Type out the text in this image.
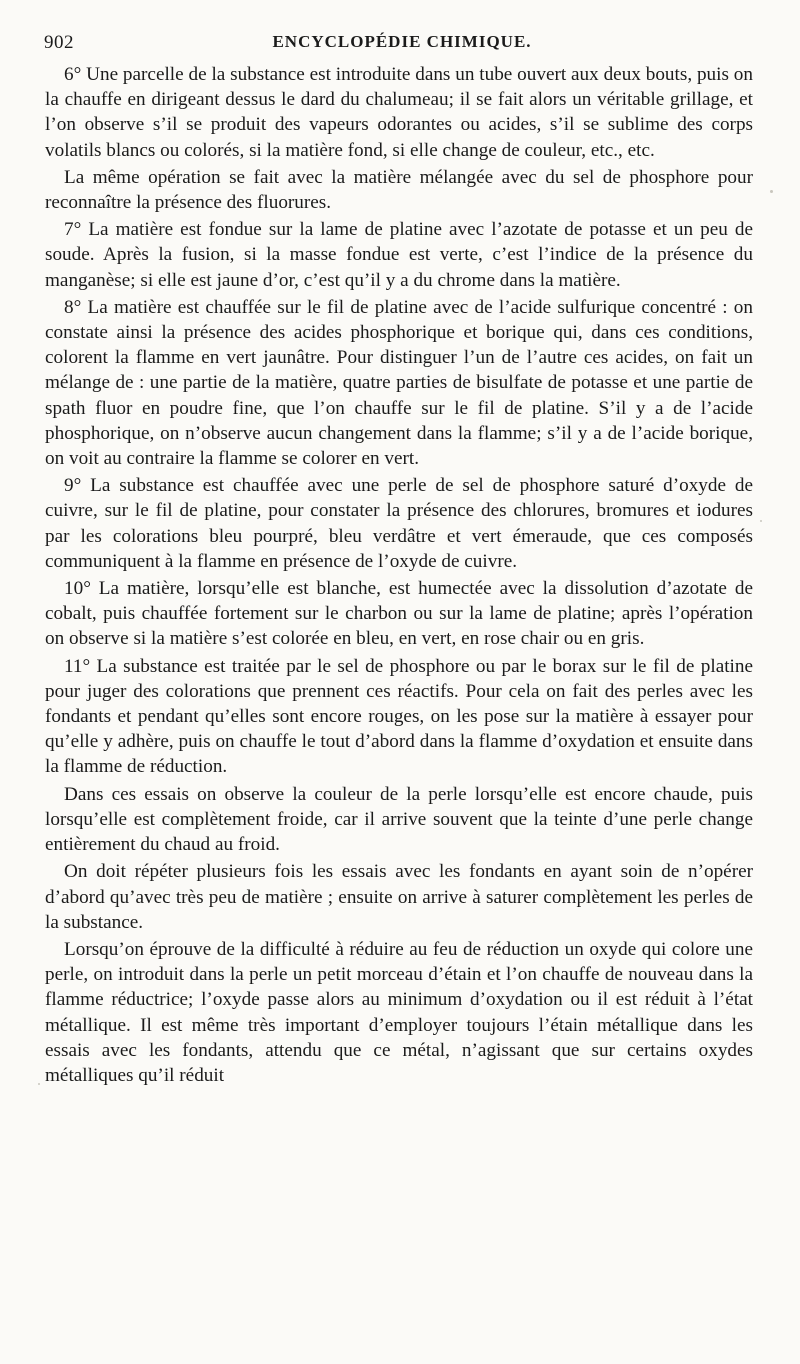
902	ENCYCLOPÉDIE CHIMIQUE.

6° Une parcelle de la substance est introduite dans un tube ouvert aux deux bouts, puis on la chauffe en dirigeant dessus le dard du chalumeau; il se fait alors un véritable grillage, et l’on observe s’il se produit des vapeurs odorantes ou acides, s’il se sublime des corps volatils blancs ou colorés, si la matière fond, si elle change de couleur, etc., etc.

La même opération se fait avec la matière mélangée avec du sel de phosphore pour reconnaître la présence des fluorures.

7° La matière est fondue sur la lame de platine avec l’azotate de potasse et un peu de soude. Après la fusion, si la masse fondue est verte, c’est l’indice de la présence du manganèse; si elle est jaune d’or, c’est qu’il y a du chrome dans la matière.

8° La matière est chauffée sur le fil de platine avec de l’acide sulfurique concentré : on constate ainsi la présence des acides phosphorique et borique qui, dans ces conditions, colorent la flamme en vert jaunâtre. Pour distinguer l’un de l’autre ces acides, on fait un mélange de : une partie de la matière, quatre parties de bisulfate de potasse et une partie de spath fluor en poudre fine, que l’on chauffe sur le fil de platine. S’il y a de l’acide phosphorique, on n’observe aucun changement dans la flamme; s’il y a de l’acide borique, on voit au contraire la flamme se colorer en vert.

9° La substance est chauffée avec une perle de sel de phosphore saturé d’oxyde de cuivre, sur le fil de platine, pour constater la présence des chlorures, bromures et iodures par les colorations bleu pourpré, bleu verdâtre et vert émeraude, que ces composés communiquent à la flamme en présence de l’oxyde de cuivre.

10° La matière, lorsqu’elle est blanche, est humectée avec la dissolution d’azotate de cobalt, puis chauffée fortement sur le charbon ou sur la lame de platine; après l’opération on observe si la matière s’est colorée en bleu, en vert, en rose chair ou en gris.

11° La substance est traitée par le sel de phosphore ou par le borax sur le fil de platine pour juger des colorations que prennent ces réactifs. Pour cela on fait des perles avec les fondants et pendant qu’elles sont encore rouges, on les pose sur la matière à essayer pour qu’elle y adhère, puis on chauffe le tout d’abord dans la flamme d’oxydation et ensuite dans la flamme de réduction.

Dans ces essais on observe la couleur de la perle lorsqu’elle est encore chaude, puis lorsqu’elle est complètement froide, car il arrive souvent que la teinte d’une perle change entièrement du chaud au froid.

On doit répéter plusieurs fois les essais avec les fondants en ayant soin de n’opérer d’abord qu’avec très peu de matière ; ensuite on arrive à saturer complètement les perles de la substance.

Lorsqu’on éprouve de la difficulté à réduire au feu de réduction un oxyde qui colore une perle, on introduit dans la perle un petit morceau d’étain et l’on chauffe de nouveau dans la flamme réductrice; l’oxyde passe alors au minimum d’oxydation ou il est réduit à l’état métallique. Il est même très important d’employer toujours l’étain métallique dans les essais avec les fondants, attendu que ce métal, n’agissant que sur certains oxydes métalliques qu’il réduit
